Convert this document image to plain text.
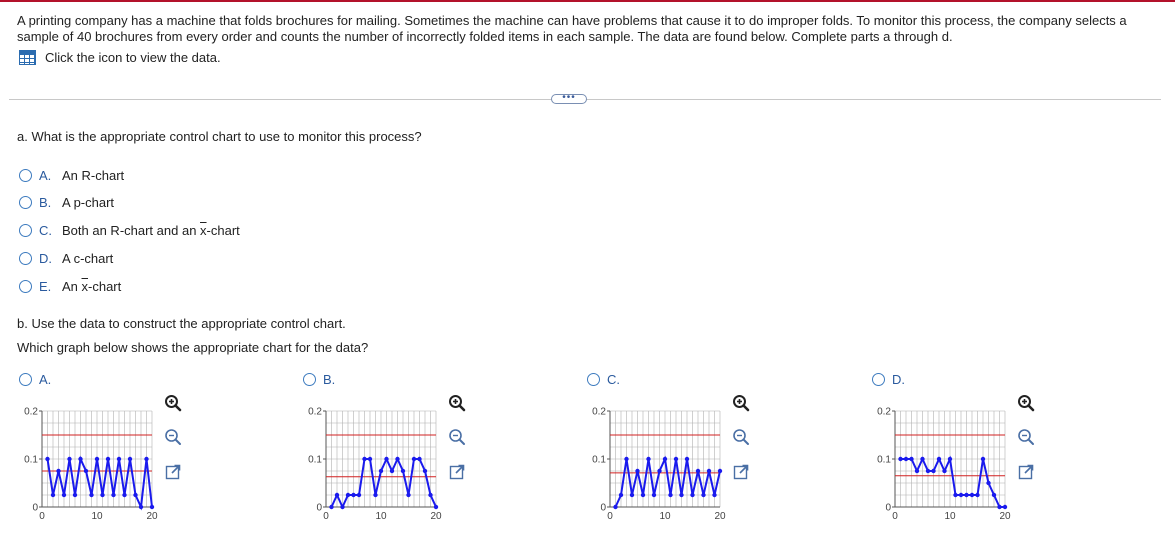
A printing company has a machine that folds brochures for mailing. Sometimes the machine can have problems that cause it to do improper folds. To monitor this process, the company selects a sample of 40 brochures from every order and counts the number of incorrectly folded items in each sample. The data are found below. Complete parts a through d.
Click the icon to view the data.
•••
a. What is the appropriate control chart to use to monitor this process?
A. An R-chart
B. A p-chart
C. Both an R-chart and an $\overline{x}$-chart
D. A c-chart
E. An $\overline{x}$-chart
b. Use the data to construct the appropriate control chart.
Which graph below shows the appropriate chart for the data?
A.	B.	C.	D.
0
0.1
0.2
0	10	20
0
0.1
0.2
0	10	20
0
0.1
0.2
0	10	20
0
0.1
0.2
0	10	20
